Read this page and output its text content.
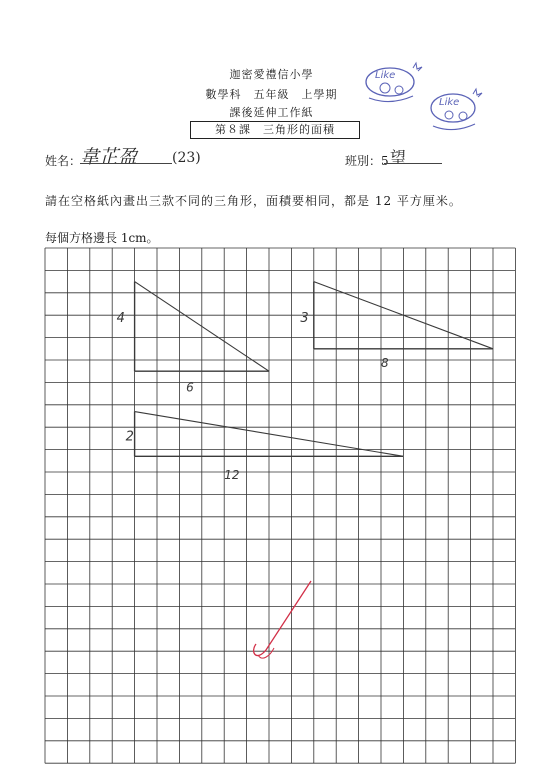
迦密愛禮信小學
數學科　五年級　上學期
課後延伸工作紙
第８課　三角形的面積
Like
Like
姓名：
韋芷盈 (23)	班別：5 望
請在空格紙內畫出三款不同的三角形，面積要相同，都是 12 平方厘米。
每個方格邊長 1cm。
4
6
3
8
2
12
